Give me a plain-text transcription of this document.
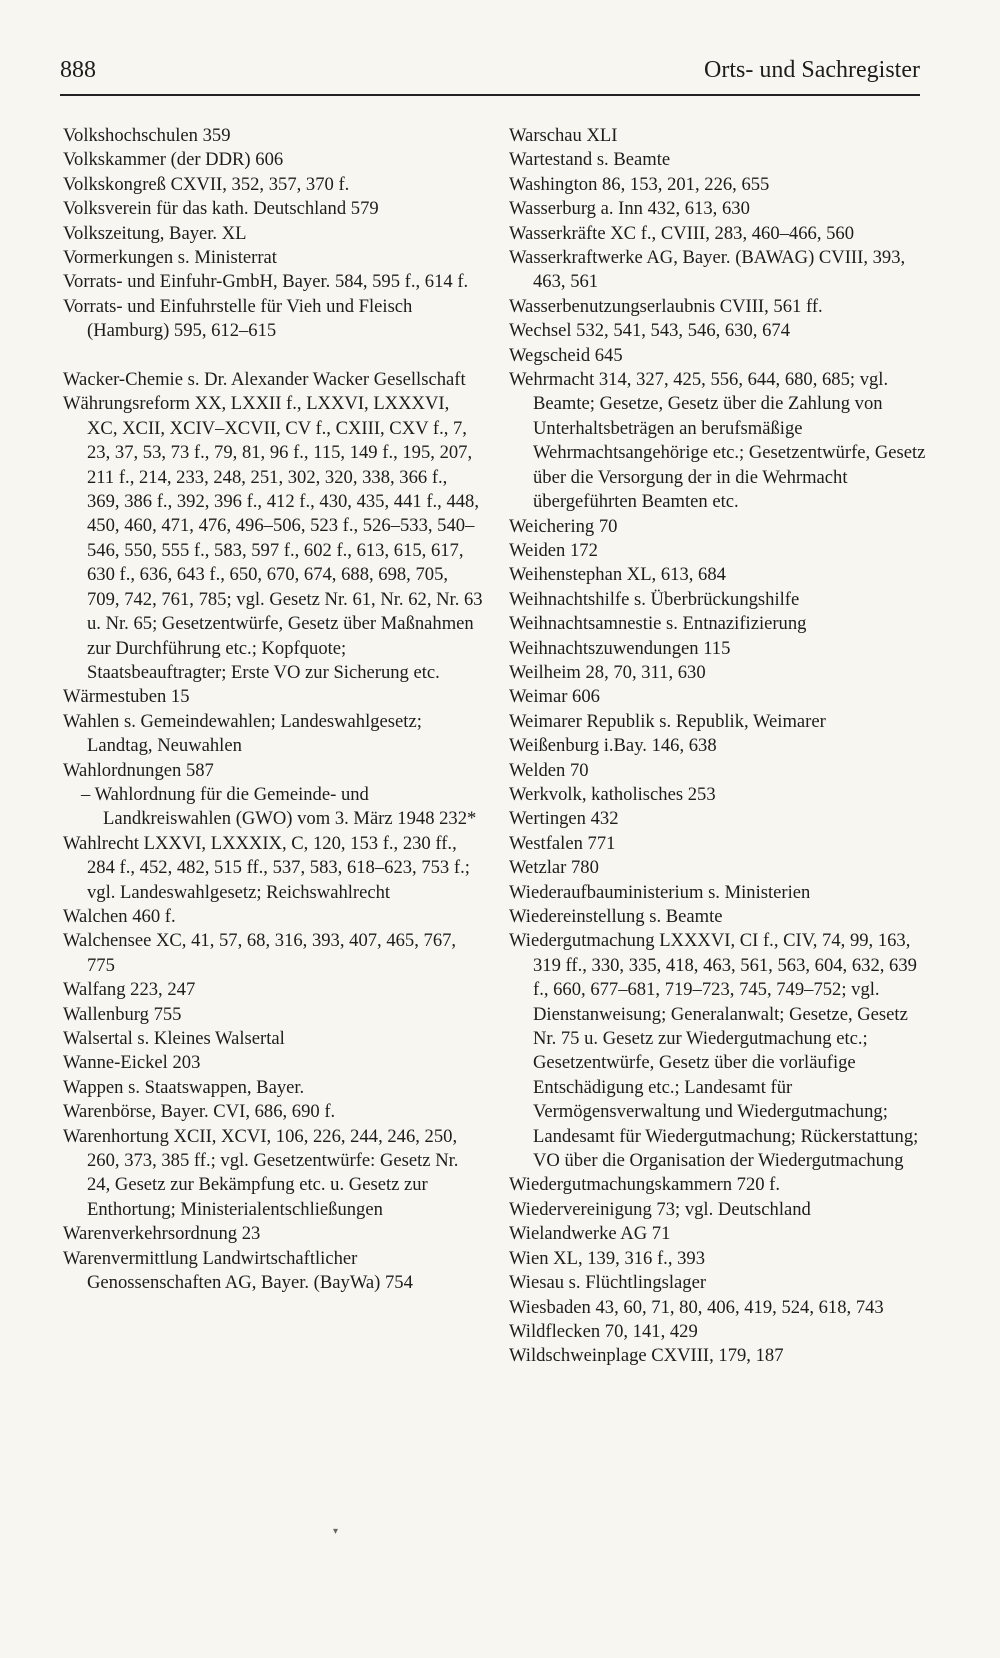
888	Orts- und Sachregister
Volkshochschulen 359
Volkskammer (der DDR) 606
Volkskongreß CXVII, 352, 357, 370 f.
Volksverein für das kath. Deutschland 579
Volkszeitung, Bayer. XL
Vormerkungen s. Ministerrat
Vorrats- und Einfuhr-GmbH, Bayer. 584, 595 f., 614 f.
Vorrats- und Einfuhrstelle für Vieh und Fleisch (Hamburg) 595, 612–615
Wacker-Chemie s. Dr. Alexander Wacker Gesellschaft
Währungsreform XX, LXXII f., LXXVI, LXXXVI, XC, XCII, XCIV–XCVII, CV f., CXIII, CXV f., 7, 23, 37, 53, 73 f., 79, 81, 96 f., 115, 149 f., 195, 207, 211 f., 214, 233, 248, 251, 302, 320, 338, 366 f., 369, 386 f., 392, 396 f., 412 f., 430, 435, 441 f., 448, 450, 460, 471, 476, 496–506, 523 f., 526–533, 540–546, 550, 555 f., 583, 597 f., 602 f., 613, 615, 617, 630 f., 636, 643 f., 650, 670, 674, 688, 698, 705, 709, 742, 761, 785; vgl. Gesetz Nr. 61, Nr. 62, Nr. 63 u. Nr. 65; Gesetzentwürfe, Gesetz über Maßnahmen zur Durchführung etc.; Kopfquote; Staatsbeauftragter; Erste VO zur Sicherung etc.
Wärmestuben 15
Wahlen s. Gemeindewahlen; Landeswahlgesetz; Landtag, Neuwahlen
Wahlordnungen 587
– Wahlordnung für die Gemeinde- und Landkreiswahlen (GWO) vom 3. März 1948 232*
Wahlrecht LXXVI, LXXXIX, C, 120, 153 f., 230 ff., 284 f., 452, 482, 515 ff., 537, 583, 618–623, 753 f.; vgl. Landeswahlgesetz; Reichswahlrecht
Walchen 460 f.
Walchensee XC, 41, 57, 68, 316, 393, 407, 465, 767, 775
Walfang 223, 247
Wallenburg 755
Walsertal s. Kleines Walsertal
Wanne-Eickel 203
Wappen s. Staatswappen, Bayer.
Warenbörse, Bayer. CVI, 686, 690 f.
Warenhortung XCII, XCVI, 106, 226, 244, 246, 250, 260, 373, 385 ff.; vgl. Gesetzentwürfe: Gesetz Nr. 24, Gesetz zur Bekämpfung etc. u. Gesetz zur Enthortung; Ministerialentschließungen
Warenverkehrsordnung 23
Warenvermittlung Landwirtschaftlicher Genossenschaften AG, Bayer. (BayWa) 754
Warschau XLI
Wartestand s. Beamte
Washington 86, 153, 201, 226, 655
Wasserburg a. Inn 432, 613, 630
Wasserkräfte XC f., CVIII, 283, 460–466, 560
Wasserkraftwerke AG, Bayer. (BAWAG) CVIII, 393, 463, 561
Wasserbenutzungserlaubnis CVIII, 561 ff.
Wechsel 532, 541, 543, 546, 630, 674
Wegscheid 645
Wehrmacht 314, 327, 425, 556, 644, 680, 685; vgl. Beamte; Gesetze, Gesetz über die Zahlung von Unterhaltsbeträgen an berufsmäßige Wehrmachtsangehörige etc.; Gesetzentwürfe, Gesetz über die Versorgung der in die Wehrmacht übergeführten Beamten etc.
Weichering 70
Weiden 172
Weihenstephan XL, 613, 684
Weihnachtshilfe s. Überbrückungshilfe
Weihnachtsamnestie s. Entnazifizierung
Weihnachtszuwendungen 115
Weilheim 28, 70, 311, 630
Weimar 606
Weimarer Republik s. Republik, Weimarer
Weißenburg i.Bay. 146, 638
Welden 70
Werkvolk, katholisches 253
Wertingen 432
Westfalen 771
Wetzlar 780
Wiederaufbauministerium s. Ministerien
Wiedereinstellung s. Beamte
Wiedergutmachung LXXXVI, CI f., CIV, 74, 99, 163, 319 ff., 330, 335, 418, 463, 561, 563, 604, 632, 639 f., 660, 677–681, 719–723, 745, 749–752; vgl. Dienstanweisung; Generalanwalt; Gesetze, Gesetz Nr. 75 u. Gesetz zur Wiedergutmachung etc.; Gesetzentwürfe, Gesetz über die vorläufige Entschädigung etc.; Landesamt für Vermögensverwaltung und Wiedergutmachung; Landesamt für Wiedergutmachung; Rückerstattung; VO über die Organisation der Wiedergutmachung
Wiedergutmachungskammern 720 f.
Wiedervereinigung 73; vgl. Deutschland
Wielandwerke AG 71
Wien XL, 139, 316 f., 393
Wiesau s. Flüchtlingslager
Wiesbaden 43, 60, 71, 80, 406, 419, 524, 618, 743
Wildflecken 70, 141, 429
Wildschweinplage CXVIII, 179, 187
▾
